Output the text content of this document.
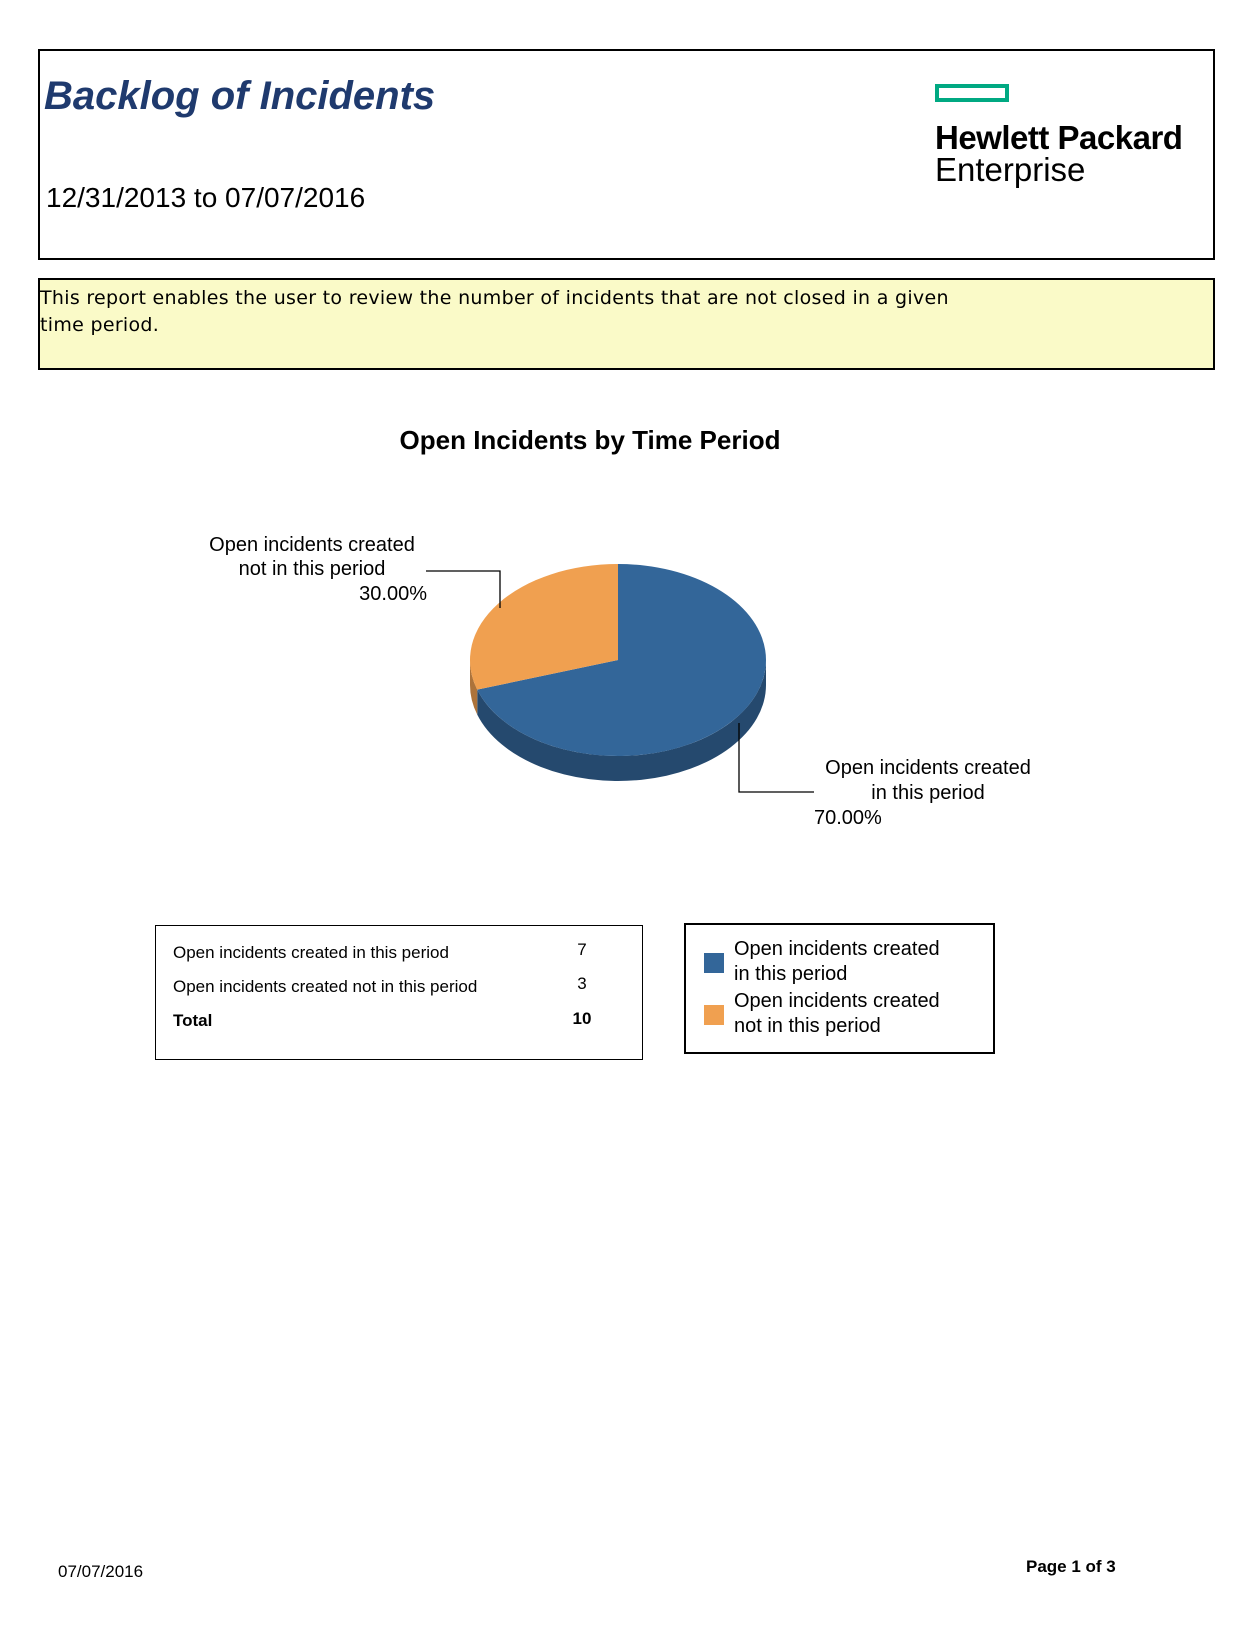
Backlog of Incidents
12/31/2013 to 07/07/2016
Hewlett Packard
Enterprise
This report enables the user to review the number of incidents that are not closed in a given time period.
Open Incidents by Time Period
Open incidents created
in this period
70.00%
Open incidents created
not in this period
30.00%
Open incidents created in this period	7
Open incidents created not in this period	3
Total	10
Open incidents created
in this period
Open incidents created
not in this period
07/07/2016	Page 1 of 3
